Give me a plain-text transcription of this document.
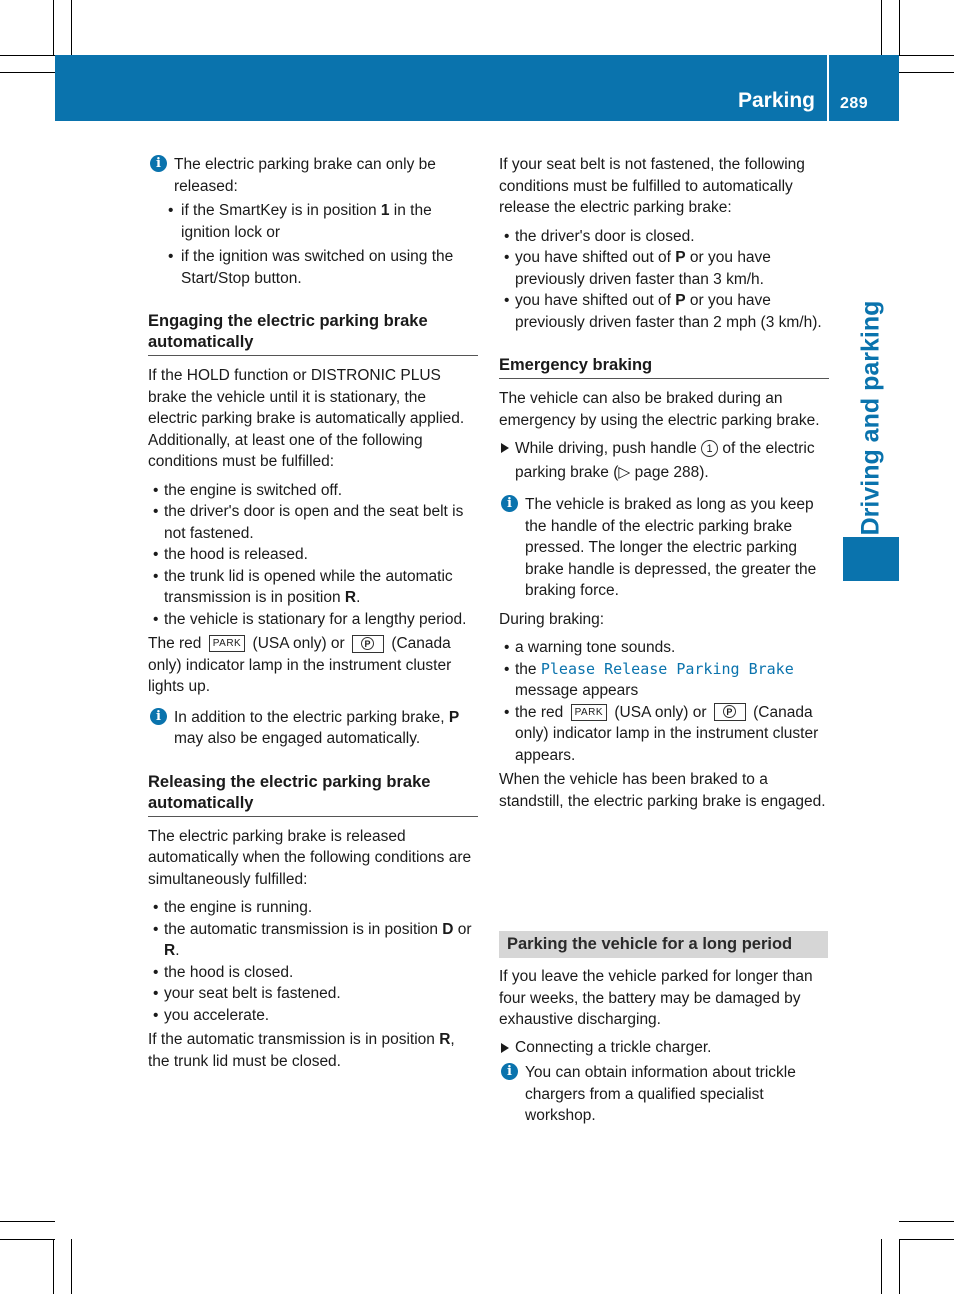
Parking 289
Driving and parking
i The electric parking brake can only be released:

• if the SmartKey is in position 1 in the ignition lock or

• if the ignition was switched on using the Start/Stop button.

Engaging the electric parking brake automatically

If the HOLD function or DISTRONIC PLUS brake the vehicle until it is stationary, the electric parking brake is automatically applied. Additionally, at least one of the following conditions must be fulfilled:

• the engine is switched off.

• the driver's door is open and the seat belt is not fastened.

• the hood is released.

• the trunk lid is opened while the automatic transmission is in position R.

• the vehicle is stationary for a lengthy period.

The red PARK (USA only) or P (Canada only) indicator lamp in the instrument cluster lights up.

i In addition to the electric parking brake, P may also be engaged automatically.

Releasing the electric parking brake automatically

The electric parking brake is released automatically when the following conditions are simultaneously fulfilled:

• the engine is running.

• the automatic transmission is in position D or R.

• the hood is closed.

• your seat belt is fastened.

• you accelerate.

If the automatic transmission is in position R, the trunk lid must be closed.

If your seat belt is not fastened, the following conditions must be fulfilled to automatically release the electric parking brake:

• the driver's door is closed.

• you have shifted out of P or you have previously driven faster than 3 km/h.

• you have shifted out of P or you have previously driven faster than 2 mph (3 km/h).

Emergency braking

The vehicle can also be braked during an emergency by using the electric parking brake.

While driving, push handle 1 of the electric parking brake (▷ page 288).

i The vehicle is braked as long as you keep the handle of the electric parking brake pressed. The longer the electric parking brake handle is depressed, the greater the braking force.

During braking:

• a warning tone sounds.

• the Please Release Parking Brake message appears

• the red PARK (USA only) or P (Canada only) indicator lamp in the instrument cluster appears.

When the vehicle has been braked to a standstill, the electric parking brake is engaged.

Parking the vehicle for a long period

If you leave the vehicle parked for longer than four weeks, the battery may be damaged by exhaustive discharging.

Connecting a trickle charger.

i You can obtain information about trickle chargers from a qualified specialist workshop.
